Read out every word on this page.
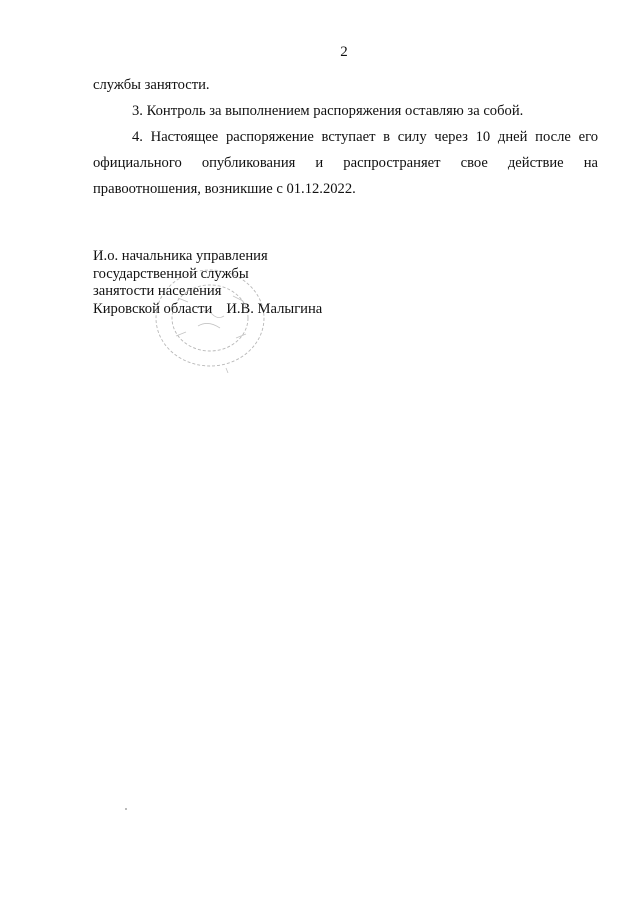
2

службы занятости.

3. Контроль за выполнением распоряжения оставляю за собой.

4. Настоящее распоряжение вступает в силу через 10 дней после его официального опубликования и распространяет свое действие на правоотношения, возникшие с 01.12.2022.

И.о. начальника управления
государственной службы
занятости населения
Кировской области И.В. Малыгина
